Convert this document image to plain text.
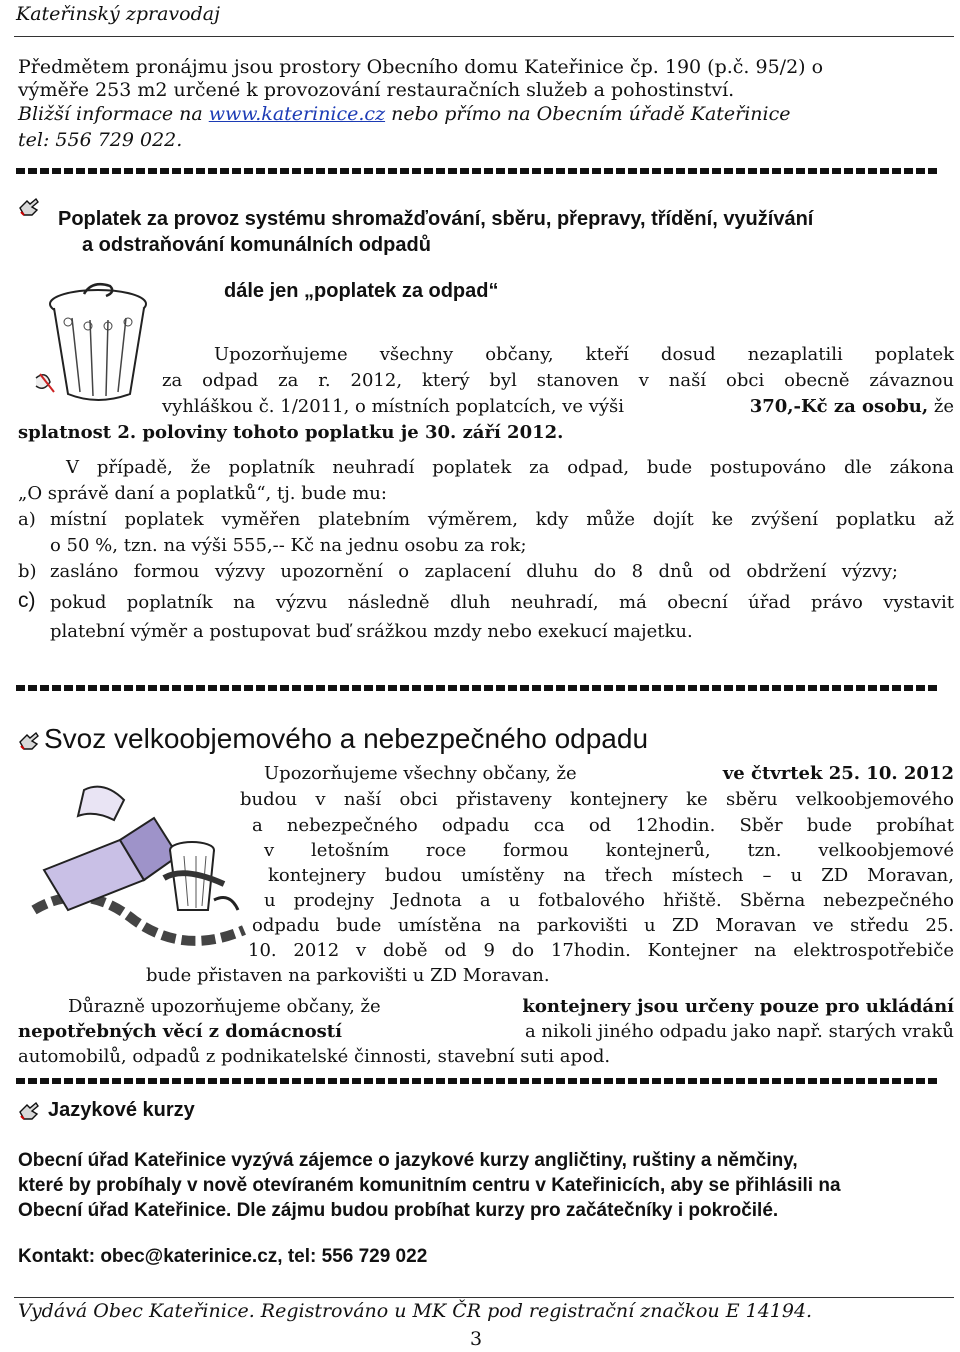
Kateřinský zpravodaj
Předmětem pronájmu jsou prostory Obecního domu Kateřinice čp. 190 (p.č. 95/2) o
výměře 253 m2 určené k provozování restauračních služeb a pohostinství.
Bližší informace na www.katerinice.cz nebo přímo na Obecním úřadě Kateřinice
tel: 556 729 022.
Poplatek za provoz systému shromažďování, sběru, přepravy, třídění, využívání
a odstraňování komunálních odpadů
dále jen „poplatek za odpad“
Upozorňujeme všechny občany, kteří dosud nezaplatili poplatek
za odpad za r. 2012, který byl stanoven v naší obci obecně závaznou
vyhláškou č. 1/2011, o místních poplatcích, ve výši	370,-Kč za osobu, že
splatnost 2. poloviny tohoto poplatku je 30. září 2012.
V případě, že poplatník neuhradí poplatek za odpad, bude postupováno dle zákona
„O správě daní a poplatků“, tj. bude mu:
a) místní poplatek vyměřen platebním výměrem, kdy může dojít ke zvýšení poplatku až
o 50 %, tzn. na výši 555,-- Kč na jednu osobu za rok;
b) zasláno formou výzvy upozornění o zaplacení dluhu do 8 dnů od obdržení výzvy;
c) pokud poplatník na výzvu následně dluh neuhradí, má obecní úřad právo vystavit
platební výměr a postupovat buď srážkou mzdy nebo exekucí majetku.
Svoz velkoobjemového a nebezpečného odpadu
Upozorňujeme všechny občany, že	ve čtvrtek 25. 10. 2012
budou v naší obci přistaveny kontejnery ke sběru velkoobjemového
a nebezpečného odpadu cca od 12hodin. Sběr bude probíhat
v letošním roce formou kontejnerů, tzn. velkoobjemové
kontejnery budou umístěny na třech místech – u ZD Moravan,
u prodejny Jednota a u fotbalového hřiště. Sběrna nebezpečného
odpadu bude umístěna na parkovišti u ZD Moravan ve středu 25.
10. 2012 v době od 9 do 17hodin. Kontejner na elektrospotřebiče
bude přistaven na parkovišti u ZD Moravan.
Důrazně upozorňujeme občany, že	kontejnery jsou určeny pouze pro ukládání
nepotřebných věcí z domácností	a nikoli jiného odpadu jako např. starých vraků
automobilů, odpadů z podnikatelské činnosti, stavební suti apod.
Jazykové kurzy
Obecní úřad Kateřinice vyzývá zájemce o jazykové kurzy angličtiny, ruštiny a němčiny,
které by probíhaly v nově otevíraném komunitním centru v Kateřinicích, aby se přihlásili na
Obecní úřad Kateřinice. Dle zájmu budou probíhat kurzy pro začátečníky i pokročilé.
Kontakt: obec@katerinice.cz, tel: 556 729 022
Vydává Obec Kateřinice. Registrováno u MK ČR pod registrační značkou E 14194.
3
